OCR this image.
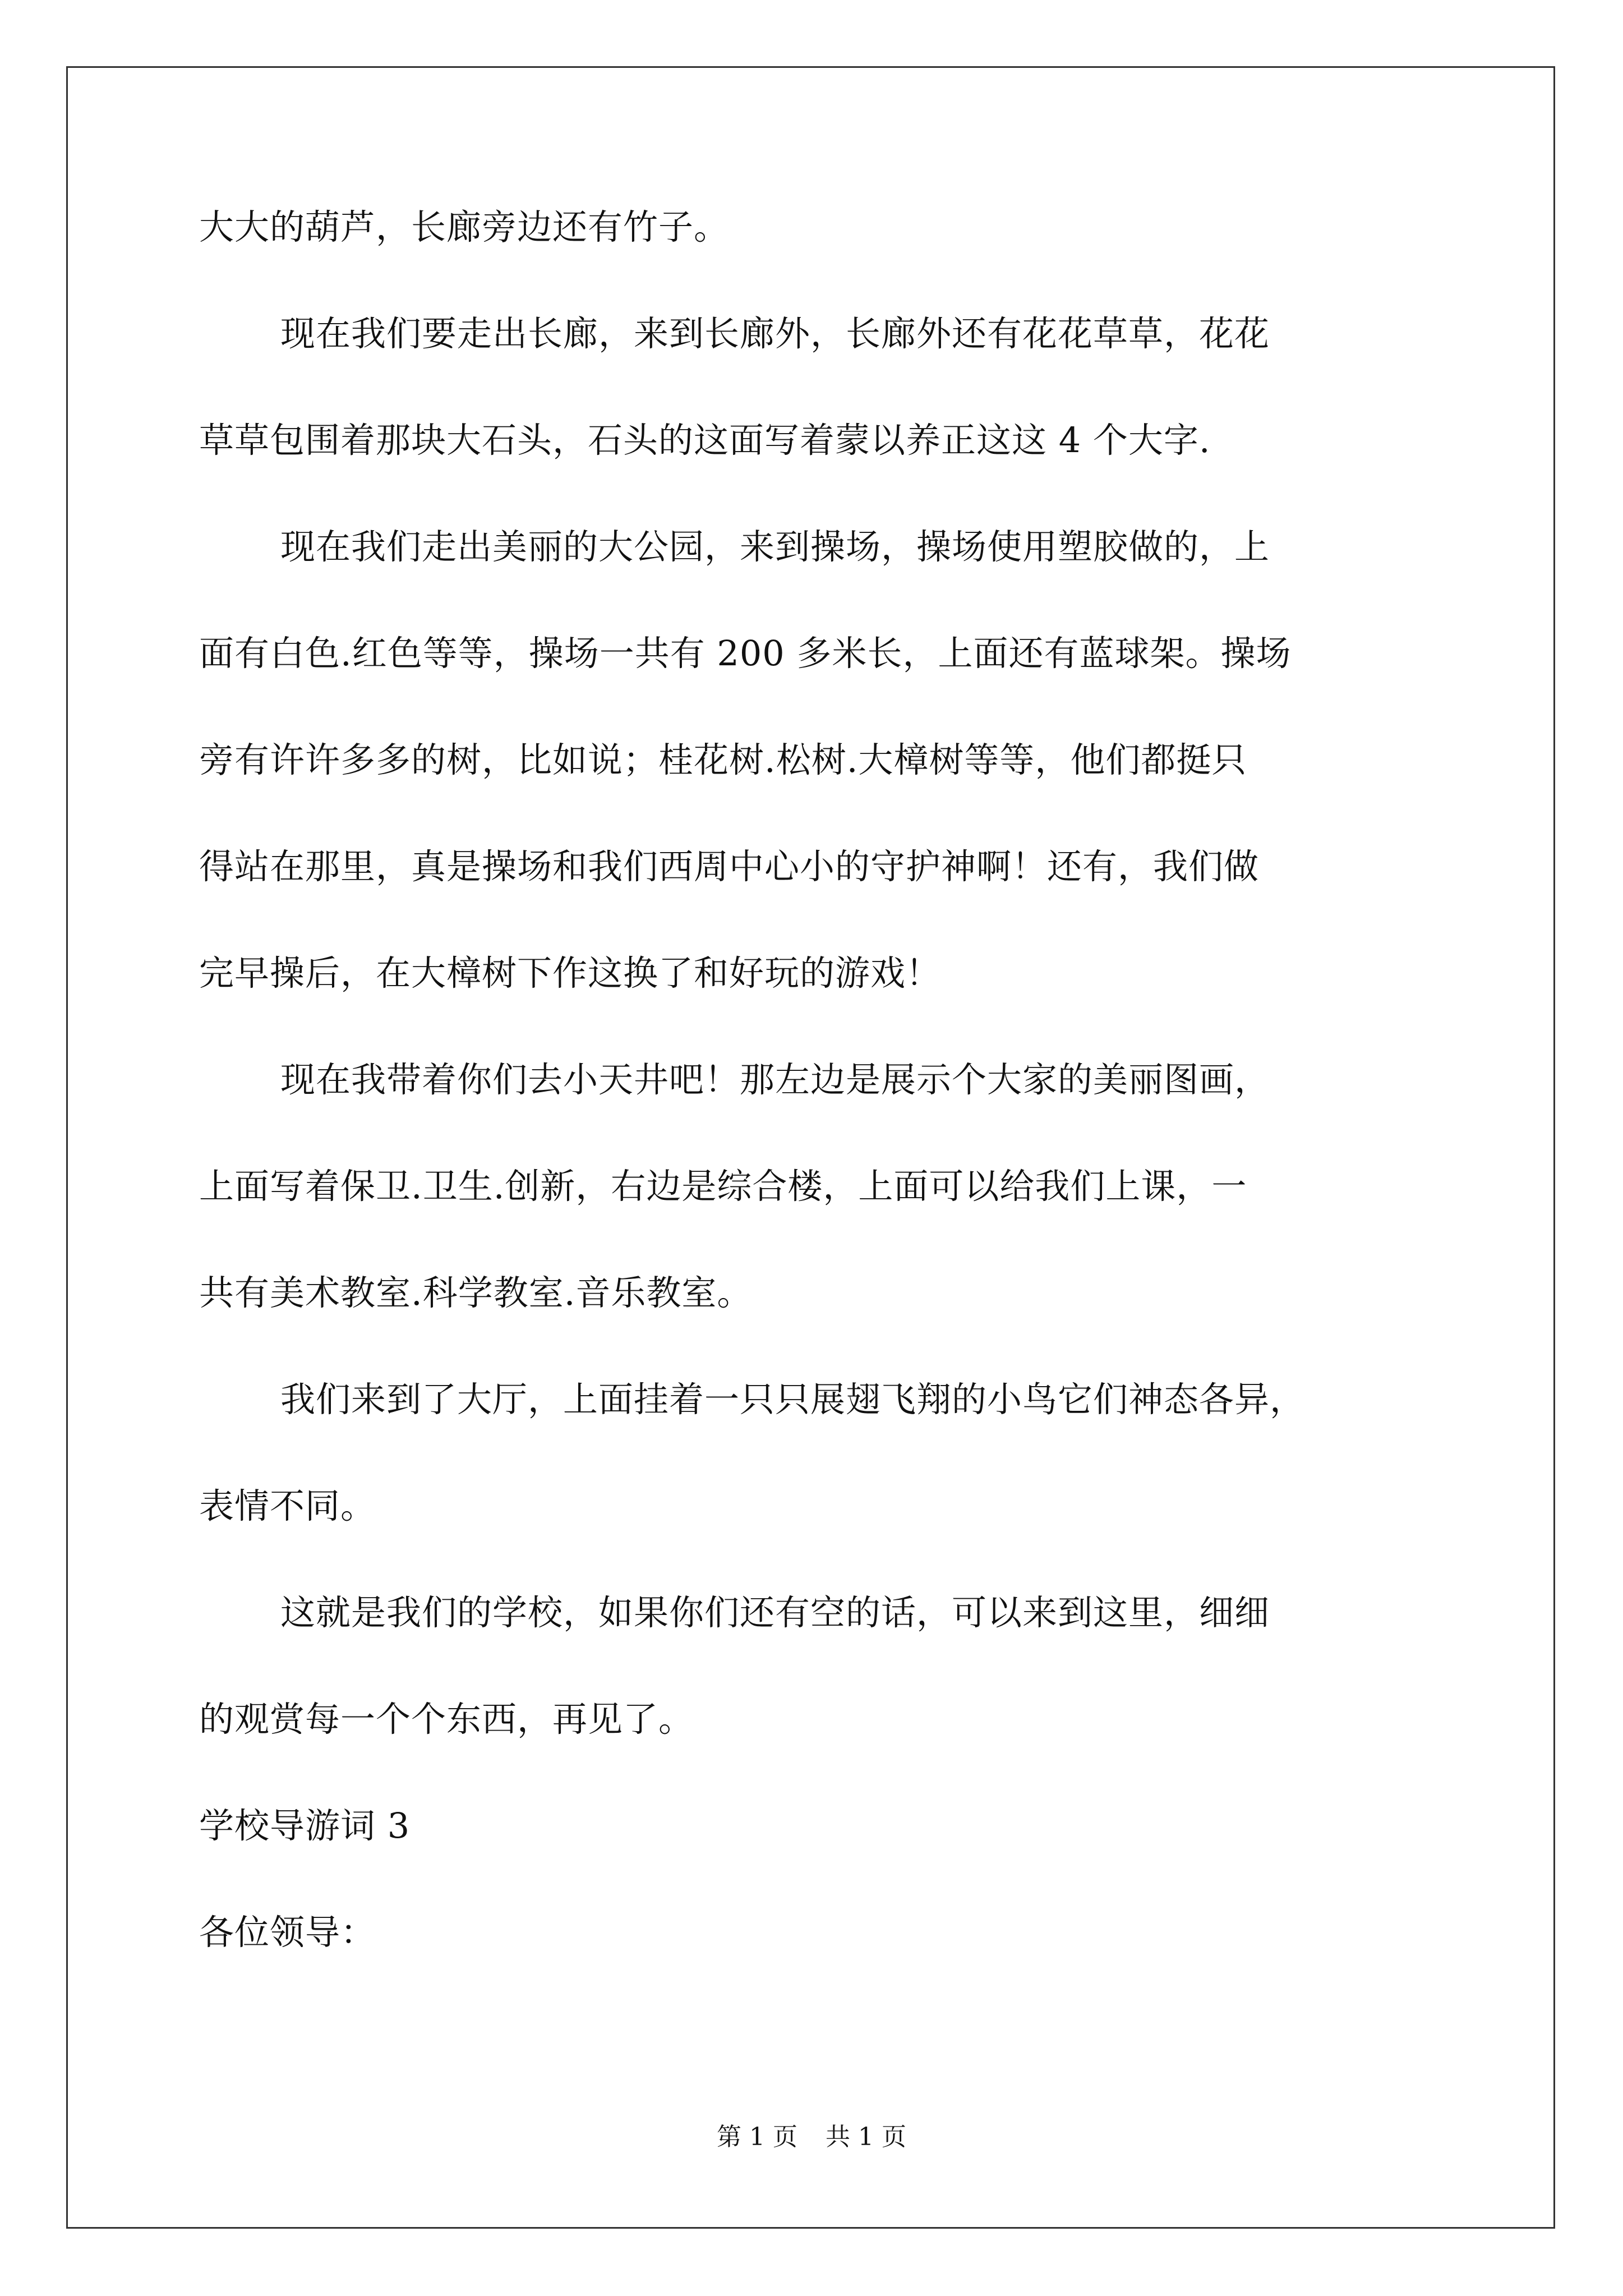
大大的葫芦，长廊旁边还有竹子。
现在我们要走出长廊，来到长廊外，长廊外还有花花草草，花花
草草包围着那块大石头，石头的这面写着蒙以养正这这 4 个大字.
现在我们走出美丽的大公园，来到操场，操场使用塑胶做的，上
面有白色.红色等等，操场一共有 200 多米长，上面还有蓝球架。操场
旁有许许多多的树，比如说；桂花树.松树.大樟树等等，他们都挺只
得站在那里，真是操场和我们西周中心小的守护神啊！还有，我们做
完早操后，在大樟树下作这换了和好玩的游戏！
现在我带着你们去小天井吧！那左边是展示个大家的美丽图画，
上面写着保卫.卫生.创新，右边是综合楼，上面可以给我们上课，一
共有美术教室.科学教室.音乐教室。
我们来到了大厅，上面挂着一只只展翅飞翔的小鸟它们神态各异，
表情不同。
这就是我们的学校，如果你们还有空的话，可以来到这里，细细
的观赏每一个个东西，再见了。
学校导游词 3
各位领导：
第 1 页 共 1 页
